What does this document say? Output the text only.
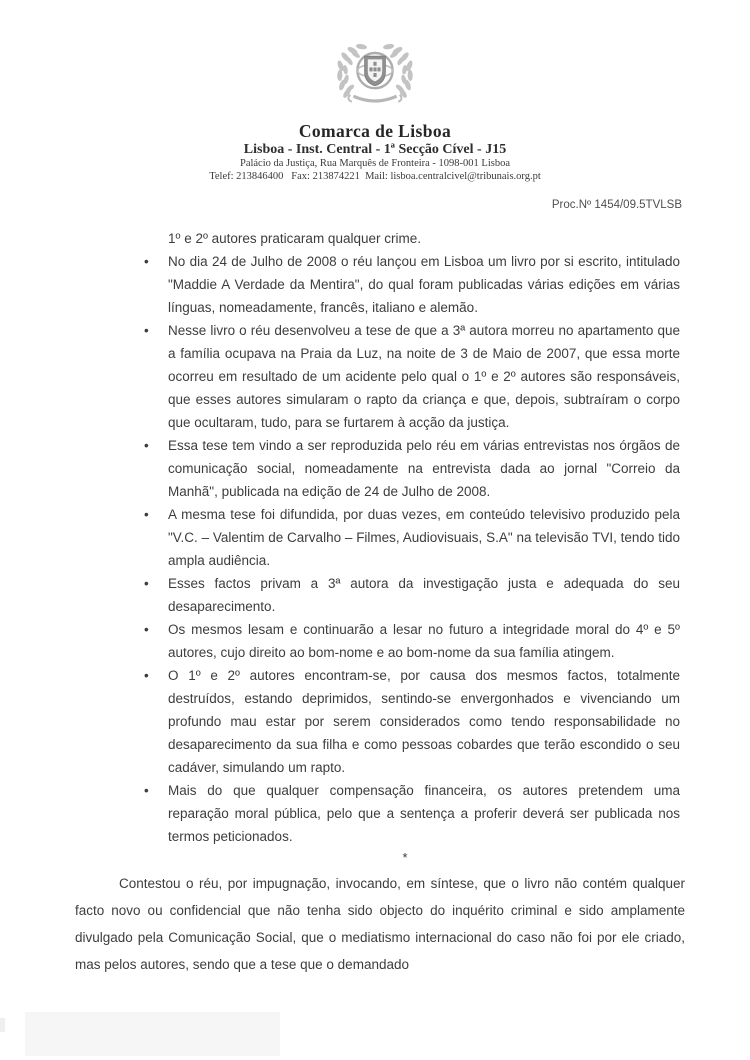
Comarca de Lisboa
Lisboa - Inst. Central - 1ª Secção Cível - J15
Palácio da Justiça, Rua Marquês de Fronteira - 1098-001 Lisboa
Telef: 213846400   Fax: 213874221  Mail: lisboa.centralcivel@tribunais.org.pt
Proc.Nº 1454/09.5TVLSB
1º e 2º autores praticaram qualquer crime.
• No dia 24 de Julho de 2008 o réu lançou em Lisboa um livro por si escrito, intitulado "Maddie A Verdade da Mentira", do qual foram publicadas várias edições em várias línguas, nomeadamente, francês, italiano e alemão.
• Nesse livro o réu desenvolveu a tese de que a 3ª autora morreu no apartamento que a família ocupava na Praia da Luz, na noite de 3 de Maio de 2007, que essa morte ocorreu em resultado de um acidente pelo qual o 1º e 2º autores são responsáveis, que esses autores simularam o rapto da criança e que, depois, subtraíram o corpo que ocultaram, tudo, para se furtarem à acção da justiça.
• Essa tese tem vindo a ser reproduzida pelo réu em várias entrevistas nos órgãos de comunicação social, nomeadamente na entrevista dada ao jornal "Correio da Manhã", publicada na edição de 24 de Julho de 2008.
• A mesma tese foi difundida, por duas vezes, em conteúdo televisivo produzido pela "V.C. – Valentim de Carvalho – Filmes, Audiovisuais, S.A" na televisão TVI, tendo tido ampla audiência.
• Esses factos privam a 3ª autora da investigação justa e adequada do seu desaparecimento.
• Os mesmos lesam e continuarão a lesar no futuro a integridade moral do 4º e 5º autores, cujo direito ao bom-nome e ao bom-nome da sua família atingem.
• O 1º e 2º autores encontram-se, por causa dos mesmos factos, totalmente destruídos, estando deprimidos, sentindo-se envergonhados e vivenciando um profundo mau estar por serem considerados como tendo responsabilidade no desaparecimento da sua filha e como pessoas cobardes que terão escondido o seu cadáver, simulando um rapto.
• Mais do que qualquer compensação financeira, os autores pretendem uma reparação moral pública, pelo que a sentença a proferir deverá ser publicada nos termos peticionados.
*
Contestou o réu, por impugnação, invocando, em síntese, que o livro não contém qualquer facto novo ou confidencial que não tenha sido objecto do inquérito criminal e sido amplamente divulgado pela Comunicação Social, que o mediatismo internacional do caso não foi por ele criado, mas pelos autores, sendo que a tese que o demandado
